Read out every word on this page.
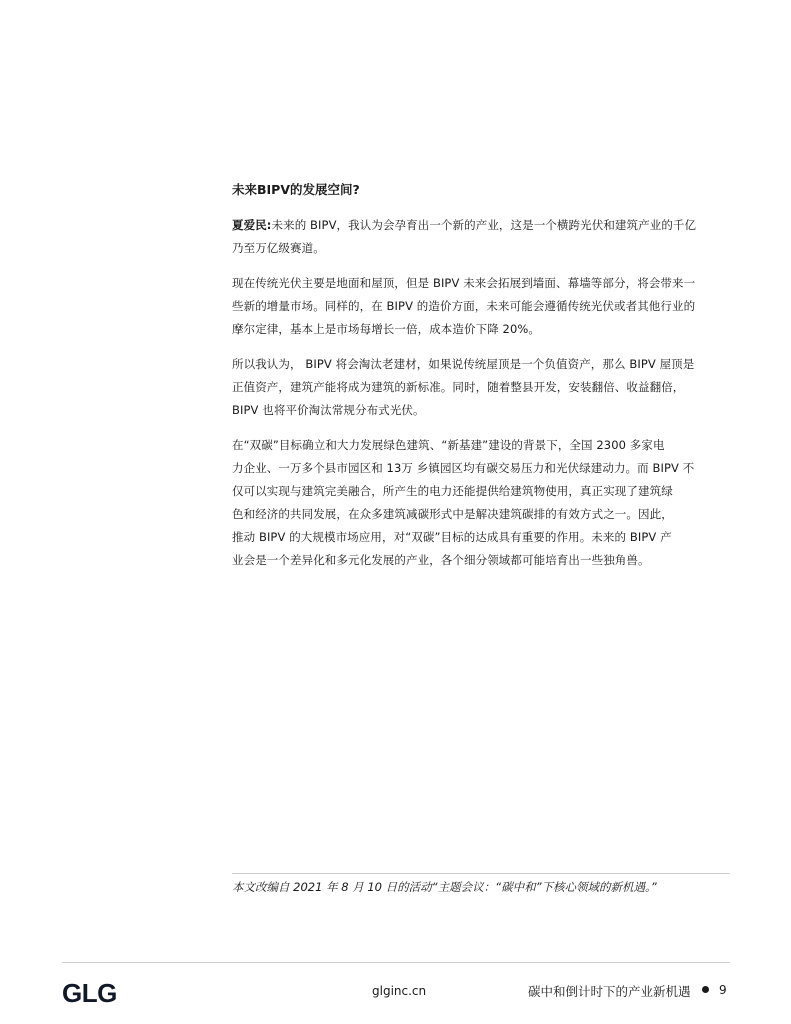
未来BIPV的发展空间?

夏爱民:未来的 BIPV，我认为会孕育出一个新的产业，这是一个横跨光伏和建筑产业的千亿
乃至万亿级赛道。

现在传统光伏主要是地面和屋顶，但是 BIPV 未来会拓展到墙面、幕墙等部分，将会带来一
些新的增量市场。同样的，在 BIPV 的造价方面，未来可能会遵循传统光伏或者其他行业的
摩尔定律，基本上是市场每增长一倍，成本造价下降 20%。

所以我认为， BIPV 将会淘汰老建材，如果说传统屋顶是一个负值资产，那么 BIPV 屋顶是
正值资产，建筑产能将成为建筑的新标准。同时，随着整县开发，安装翻倍、收益翻倍，
BIPV 也将平价淘汰常规分布式光伏。

在“双碳”目标确立和大力发展绿色建筑、“新基建”建设的背景下，全国 2300 多家电
力企业、一万多个县市园区和 13万 乡镇园区均有碳交易压力和光伏绿建动力。而 BIPV 不
仅可以实现与建筑完美融合，所产生的电力还能提供给建筑物使用，真正实现了建筑绿
色和经济的共同发展，在众多建筑减碳形式中是解决建筑碳排的有效方式之一。因此，
推动 BIPV 的大规模市场应用，对“双碳”目标的达成具有重要的作用。未来的 BIPV 产
业会是一个差异化和多元化发展的产业，各个细分领域都可能培育出一些独角兽。

本文改编自 2021 年 8 月 10 日的活动“主题会议：“碳中和”下核心领域的新机遇。”
GLG	glginc.cn	碳中和倒计时下的产业新机遇 9
